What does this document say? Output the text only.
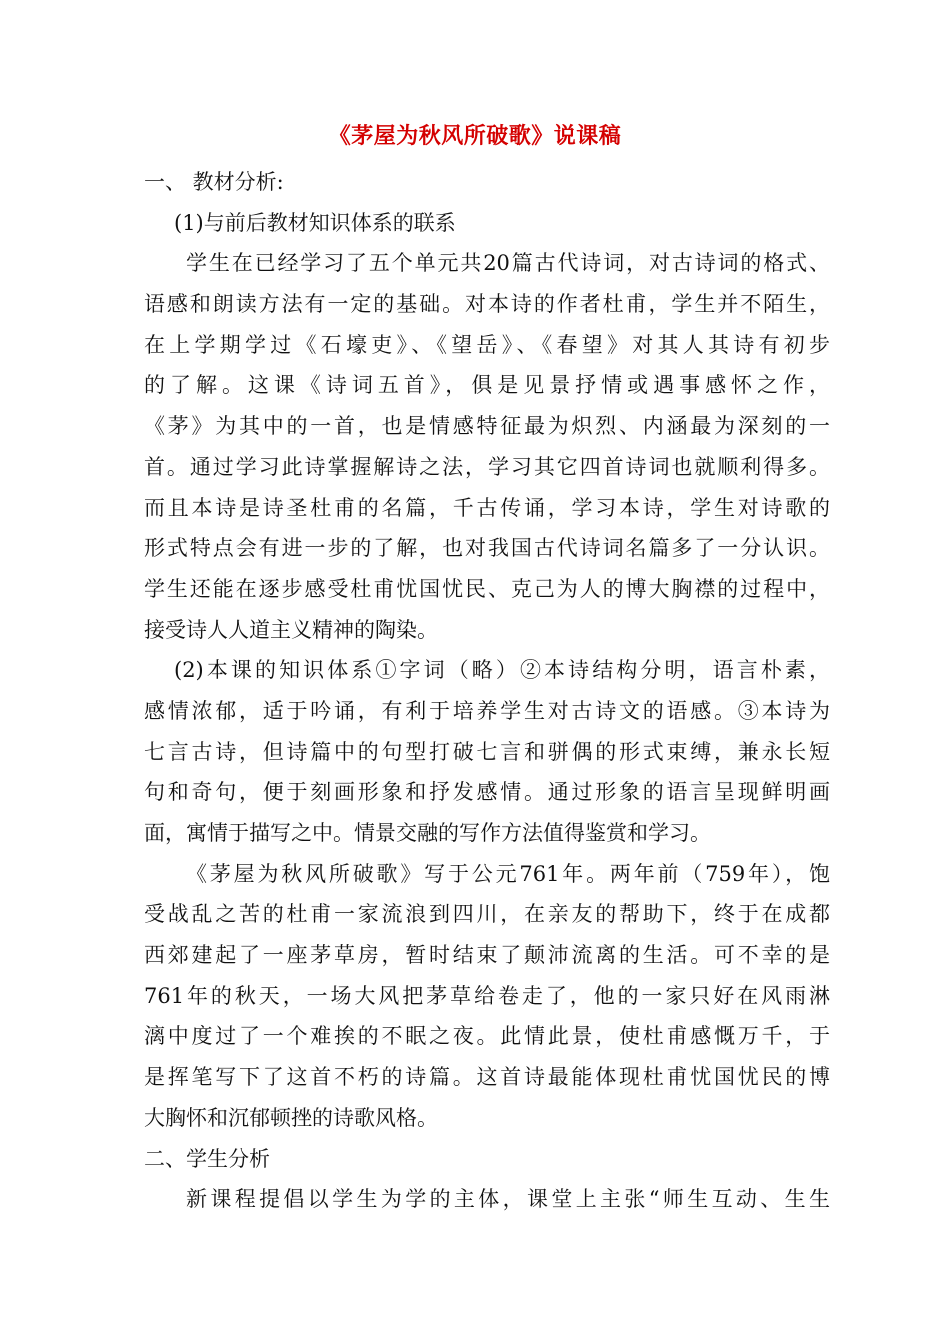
《茅屋为秋风所破歌》说课稿
一、 教材分析:
(1)与前后教材知识体系的联系
学生在已经学习了五个单元共20篇古代诗词，对古诗词的格式、
语感和朗读方法有一定的基础。对本诗的作者杜甫，学生并不陌生，
在上学期学过《石壕吏》、《望岳》、《春望》对其人其诗有初步
的了解。这课《诗词五首》，俱是见景抒情或遇事感怀之作，
《茅》为其中的一首，也是情感特征最为炽烈、内涵最为深刻的一
首。通过学习此诗掌握解诗之法，学习其它四首诗词也就顺利得多。
而且本诗是诗圣杜甫的名篇，千古传诵，学习本诗，学生对诗歌的
形式特点会有进一步的了解，也对我国古代诗词名篇多了一分认识。
学生还能在逐步感受杜甫忧国忧民、克己为人的博大胸襟的过程中，
接受诗人人道主义精神的陶染。
(2)本课的知识体系①字词（略）②本诗结构分明，语言朴素，
感情浓郁，适于吟诵，有利于培养学生对古诗文的语感。③本诗为
七言古诗，但诗篇中的句型打破七言和骈偶的形式束缚，兼永长短
句和奇句，便于刻画形象和抒发感情。通过形象的语言呈现鲜明画
面，寓情于描写之中。情景交融的写作方法值得鉴赏和学习。
《茅屋为秋风所破歌》写于公元761年。两年前（759年），饱
受战乱之苦的杜甫一家流浪到四川，在亲友的帮助下，终于在成都
西郊建起了一座茅草房，暂时结束了颠沛流离的生活。可不幸的是
761年的秋天，一场大风把茅草给卷走了，他的一家只好在风雨淋
漓中度过了一个难挨的不眠之夜。此情此景，使杜甫感慨万千，于
是挥笔写下了这首不朽的诗篇。这首诗最能体现杜甫忧国忧民的博
大胸怀和沉郁顿挫的诗歌风格。
二、学生分析
新课程提倡以学生为学的主体，课堂上主张“师生互动、生生
